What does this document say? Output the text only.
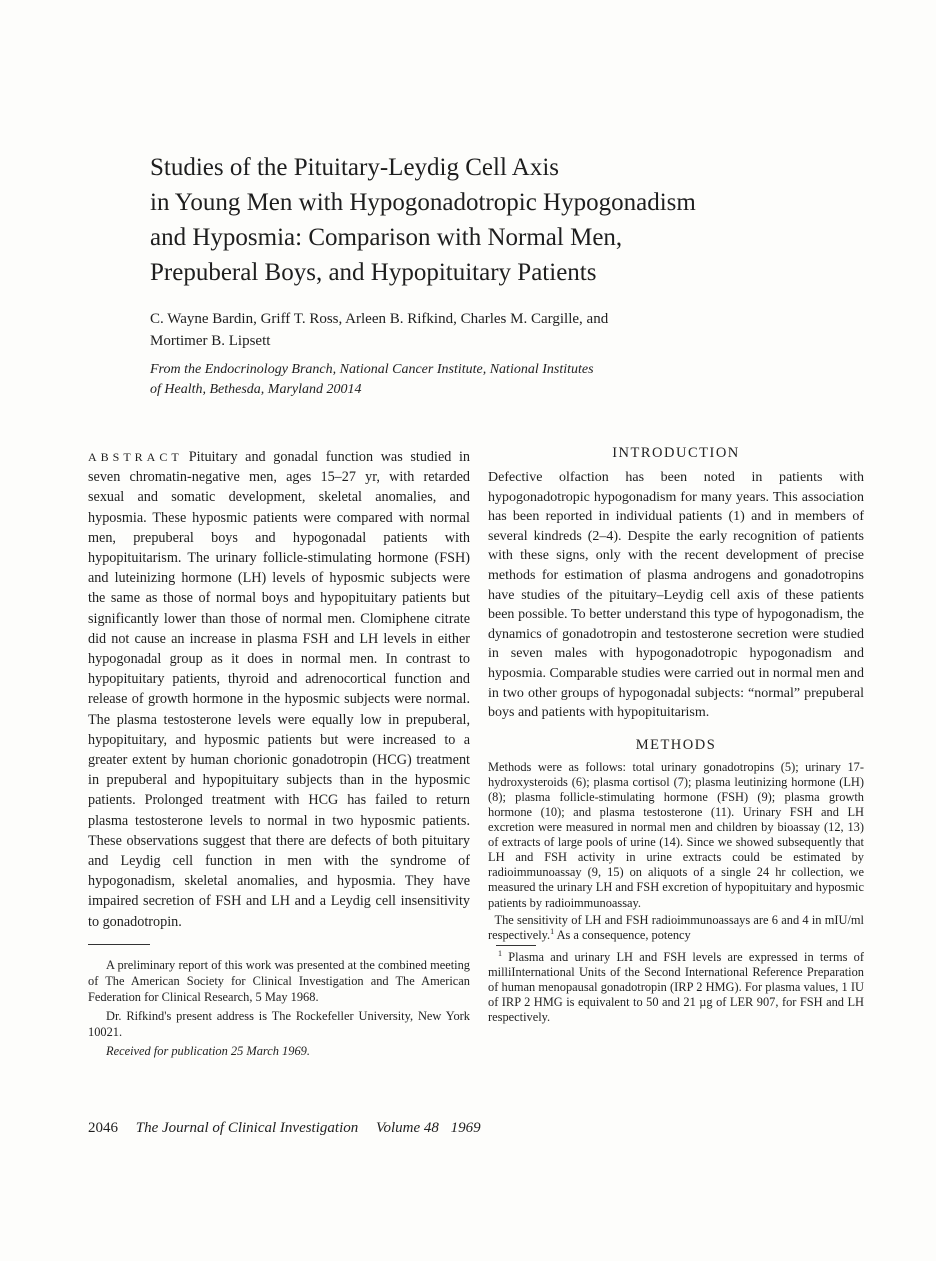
Studies of the Pituitary-Leydig Cell Axis
in Young Men with Hypogonadotropic Hypogonadism
and Hyposmia: Comparison with Normal Men,
Prepuberal Boys, and Hypopituitary Patients
C. Wayne Bardin, Griff T. Ross, Arleen B. Rifkind, Charles M. Cargille, and
Mortimer B. Lipsett
From the Endocrinology Branch, National Cancer Institute, National Institutes
of Health, Bethesda, Maryland 20014

ABSTRACT Pituitary and gonadal function was studied in seven chromatin-negative men, ages 15–27 yr, with retarded sexual and somatic development, skeletal anomalies, and hyposmia. These hyposmic patients were compared with normal men, prepuberal boys and hypogonadal patients with hypopituitarism. The urinary follicle-stimulating hormone (FSH) and luteinizing hormone (LH) levels of hyposmic subjects were the same as those of normal boys and hypopituitary patients but significantly lower than those of normal men. Clomiphene citrate did not cause an increase in plasma FSH and LH levels in either hypogonadal group as it does in normal men. In contrast to hypopituitary patients, thyroid and adrenocortical function and release of growth hormone in the hyposmic subjects were normal. The plasma testosterone levels were equally low in prepuberal, hypopituitary, and hyposmic patients but were increased to a greater extent by human chorionic gonadotropin (HCG) treatment in prepuberal and hypopituitary subjects than in the hyposmic patients. Prolonged treatment with HCG has failed to return plasma testosterone levels to normal in two hyposmic patients. These observations suggest that there are defects of both pituitary and Leydig cell function in men with the syndrome of hypogonadism, skeletal anomalies, and hyposmia. They have impaired secretion of FSH and LH and a Leydig cell insensitivity to gonadotropin.

A preliminary report of this work was presented at the combined meeting of The American Society for Clinical Investigation and The American Federation for Clinical Research, 5 May 1968.

Dr. Rifkind's present address is The Rockefeller University, New York 10021.

Received for publication 25 March 1969.

INTRODUCTION

Defective olfaction has been noted in patients with hypogonadotropic hypogonadism for many years. This association has been reported in individual patients (1) and in members of several kindreds (2–4). Despite the early recognition of patients with these signs, only with the recent development of precise methods for estimation of plasma androgens and gonadotropins have studies of the pituitary–Leydig cell axis of these patients been possible. To better understand this type of hypogonadism, the dynamics of gonadotropin and testosterone secretion were studied in seven males with hypogonadotropic hypogonadism and hyposmia. Comparable studies were carried out in normal men and in two other groups of hypogonadal subjects: “normal” prepuberal boys and patients with hypopituitarism.

METHODS

Methods were as follows: total urinary gonadotropins (5); urinary 17-hydroxysteroids (6); plasma cortisol (7); plasma leutinizing hormone (LH) (8); plasma follicle-stimulating hormone (FSH) (9); plasma growth hormone (10); and plasma testosterone (11). Urinary FSH and LH excretion were measured in normal men and children by bioassay (12, 13) of extracts of large pools of urine (14). Since we showed subsequently that LH and FSH activity in urine extracts could be estimated by radioimmunoassay (9, 15) on aliquots of a single 24 hr collection, we measured the urinary LH and FSH excretion of hypopituitary and hyposmic patients by radioimmunoassay.

The sensitivity of LH and FSH radioimmunoassays are 6 and 4 in mIU/ml respectively.$^1$ As a consequence, potency

$^1$ Plasma and urinary LH and FSH levels are expressed in terms of milliInternational Units of the Second International Reference Preparation of human menopausal gonadotropin (IRP 2 HMG). For plasma values, 1 IU of IRP 2 HMG is equivalent to 50 and 21 µg of LER 907, for FSH and LH respectively.

2046 The Journal of Clinical Investigation Volume 48 1969
